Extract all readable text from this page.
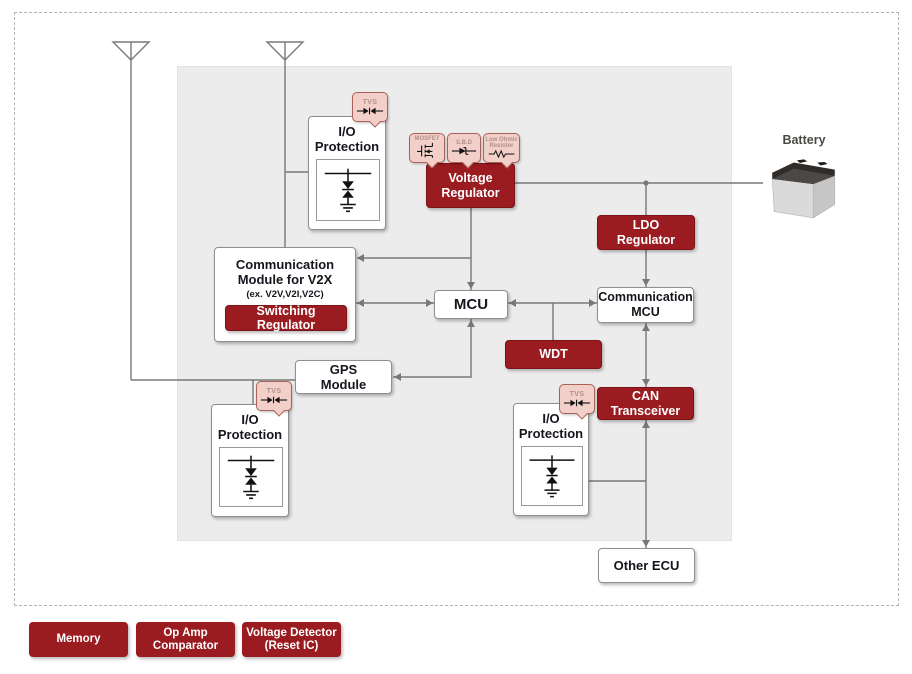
I/O Protection
TVS
Voltage Regulator
MOSFET
S.B.D Low Ohmic Resistor
Communication Module for V2X
(ex. V2V,V2I,V2C)
Switching Regulator
MCU
LDO Regulator
Communication MCU
WDT
GPS Module
CAN Transceiver
I/O Protection
TVS
I/O Protection
TVS
Other ECU
Battery
Memory
Op Amp Comparator
Voltage Detector (Reset IC)
